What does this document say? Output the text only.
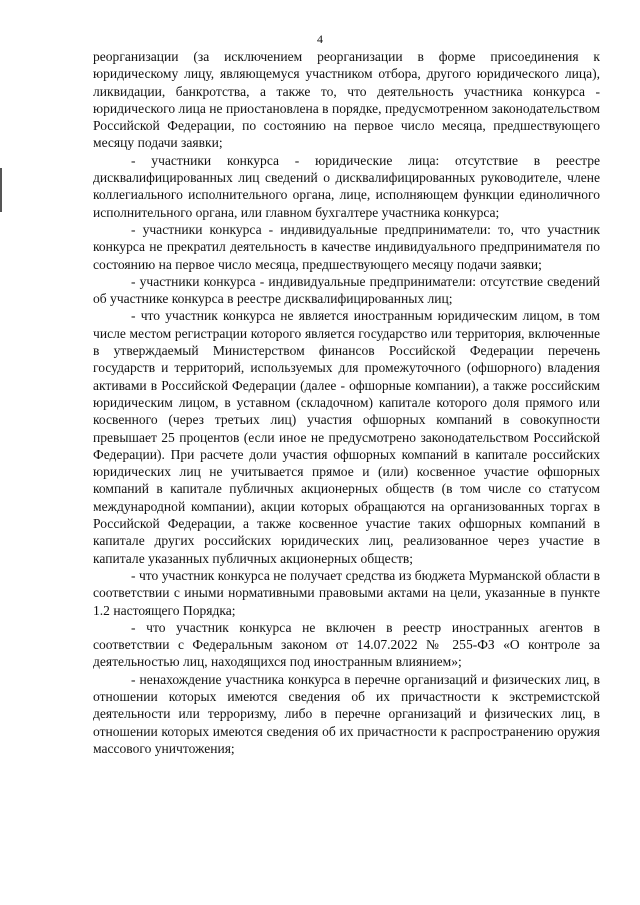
4

реорганизации (за исключением реорганизации в форме присоединения к юридическому лицу, являющемуся участником отбора, другого юридического лица), ликвидации, банкротства, а также то, что деятельность участника конкурса - юридического лица не приостановлена в порядке, предусмотренном законодательством Российской Федерации, по состоянию на первое число месяца, предшествующего месяцу подачи заявки;

- участники конкурса - юридические лица: отсутствие в реестре дисквалифицированных лиц сведений о дисквалифицированных руководителе, члене коллегиального исполнительного органа, лице, исполняющем функции единоличного исполнительного органа, или главном бухгалтере участника конкурса;

- участники конкурса - индивидуальные предприниматели: то, что участник конкурса не прекратил деятельность в качестве индивидуального предпринимателя по состоянию на первое число месяца, предшествующего месяцу подачи заявки;

- участники конкурса - индивидуальные предприниматели: отсутствие сведений об участнике конкурса в реестре дисквалифицированных лиц;

- что участник конкурса не является иностранным юридическим лицом, в том числе местом регистрации которого является государство или территория, включенные в утверждаемый Министерством финансов Российской Федерации перечень государств и территорий, используемых для промежуточного (офшорного) владения активами в Российской Федерации (далее - офшорные компании), а также российским юридическим лицом, в уставном (складочном) капитале которого доля прямого или косвенного (через третьих лиц) участия офшорных компаний в совокупности превышает 25 процентов (если иное не предусмотрено законодательством Российской Федерации). При расчете доли участия офшорных компаний в капитале российских юридических лиц не учитывается прямое и (или) косвенное участие офшорных компаний в капитале публичных акционерных обществ (в том числе со статусом международной компании), акции которых обращаются на организованных торгах в Российской Федерации, а также косвенное участие таких офшорных компаний в капитале других российских юридических лиц, реализованное через участие в капитале указанных публичных акционерных обществ;

- что участник конкурса не получает средства из бюджета Мурманской области в соответствии с иными нормативными правовыми актами на цели, указанные в пункте 1.2 настоящего Порядка;

- что участник конкурса не включен в реестр иностранных агентов в соответствии с Федеральным законом от 14.07.2022 № 255-ФЗ «О контроле за деятельностью лиц, находящихся под иностранным влиянием»;

- ненахождение участника конкурса в перечне организаций и физических лиц, в отношении которых имеются сведения об их причастности к экстремистской деятельности или терроризму, либо в перечне организаций и физических лиц, в отношении которых имеются сведения об их причастности к распространению оружия массового уничтожения;
